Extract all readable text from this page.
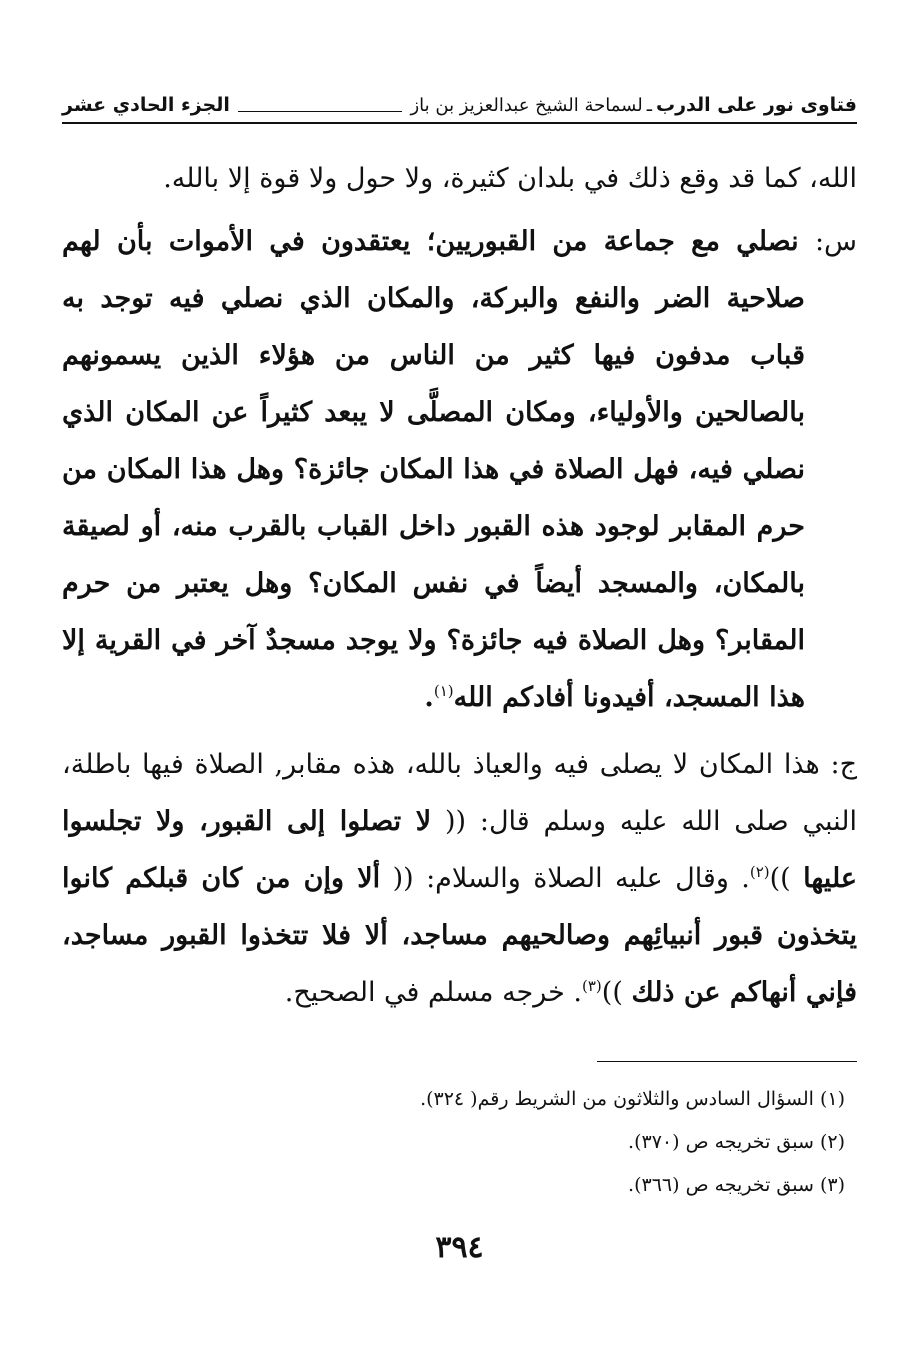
فتاوى نور على الدرب
ـ
لسماحة الشيخ عبدالعزيز بن باز
الجزء الحادي عشر

الله، كما قد وقع ذلك في بلدان كثيرة، ولا حول ولا قوة إلا بالله.

س: نصلي مع جماعة من القبوريين؛ يعتقدون في الأموات بأن لهم صلاحية الضر والنفع والبركة، والمكان الذي نصلي فيه توجد به قباب مدفون فيها كثير من الناس من هؤلاء الذين يسمونهم بالصالحين والأولياء، ومكان المصلَّى لا يبعد كثيراً عن المكان الذي نصلي فيه، فهل الصلاة في هذا المكان جائزة؟ وهل هذا المكان من حرم المقابر لوجود هذه القبور داخل القباب بالقرب منه، أو لصيقة بالمكان، والمسجد أيضاً في نفس المكان؟ وهل يعتبر من حرم المقابر؟ وهل الصلاة فيه جائزة؟ ولا يوجد مسجدٌ آخر في القرية إلا هذا المسجد، أفيدونا أفادكم الله$^{(١)}$.

ج: هذا المكان لا يصلى فيه والعياذ بالله، هذه مقابر, الصلاة فيها باطلة، النبي صلى الله عليه وسلم قال: (( لا تصلوا إلى القبور، ولا تجلسوا عليها ))$^{(٢)}$. وقال عليه الصلاة والسلام: (( ألا وإن من كان قبلكم كانوا يتخذون قبور أنبيائِهم وصالحيهم مساجد، ألا فلا تتخذوا القبور مساجد، فإني أنهاكم عن ذلك ))$^{(٣)}$. خرجه مسلم في الصحيح.

(١) السؤال السادس والثلاثون من الشريط رقم( ٣٢٤).

(٢) سبق تخريجه ص (٣٧٠).

(٣) سبق تخريجه ص (٣٦٦).

٣٩٤
